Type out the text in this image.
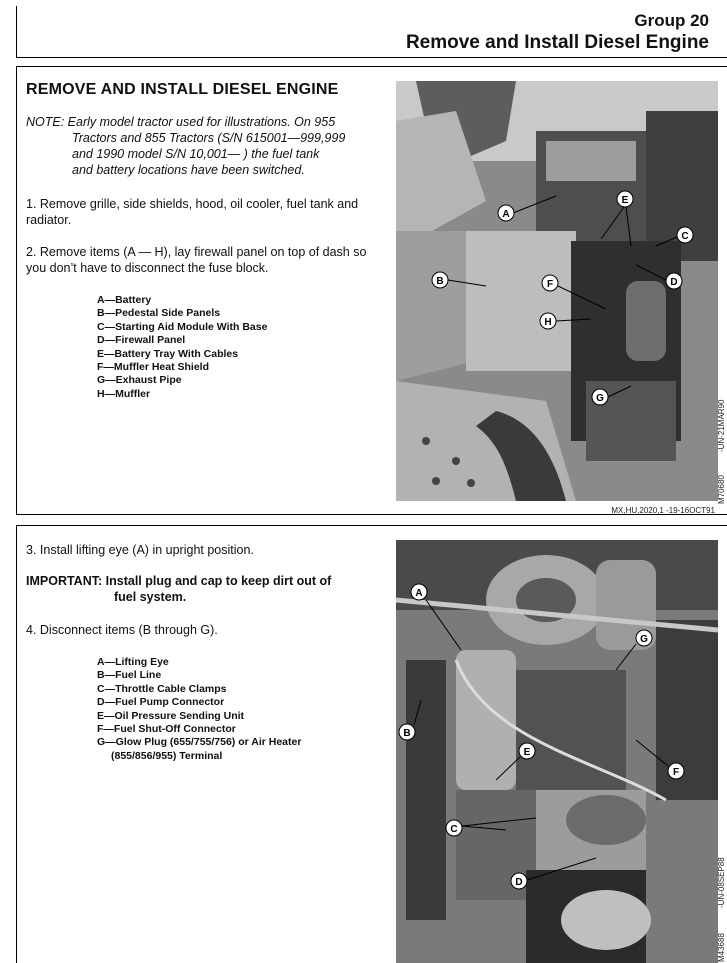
Group 20
Remove and Install Diesel Engine
REMOVE AND INSTALL DIESEL ENGINE
NOTE: Early model tractor used for illustrations. On 955
Tractors and 855 Tractors (S/N 615001—999,999
and 1990 model S/N 10,001— ) the fuel tank
and battery locations have been switched.
1. Remove grille, side shields, hood, oil cooler, fuel tank and radiator.
2. Remove items (A — H), lay firewall panel on top of dash so you don’t have to disconnect the fuse block.
A—Battery
B—Pedestal Side Panels
C—Starting Aid Module With Base
D—Firewall Panel
E—Battery Tray With Cables
F—Muffler Heat Shield
G—Exhaust Pipe
H—Muffler
A
B
C
D
E
F
G
H
M70680
-UN-21MAR90
MX,HU,2020,1 -19-16OCT91
3. Install lifting eye (A) in upright position.
IMPORTANT: Install plug and cap to keep dirt out of
fuel system.
4. Disconnect items (B through G).
A—Lifting Eye
B—Fuel Line
C—Throttle Cable Clamps
D—Fuel Pump Connector
E—Oil Pressure Sending Unit
F—Fuel Shut-Off Connector
G—Glow Plug (655/755/756) or Air Heater
(855/856/955) Terminal
A
B
C
D
E
F
G
M43688
-UN-08SEP88
